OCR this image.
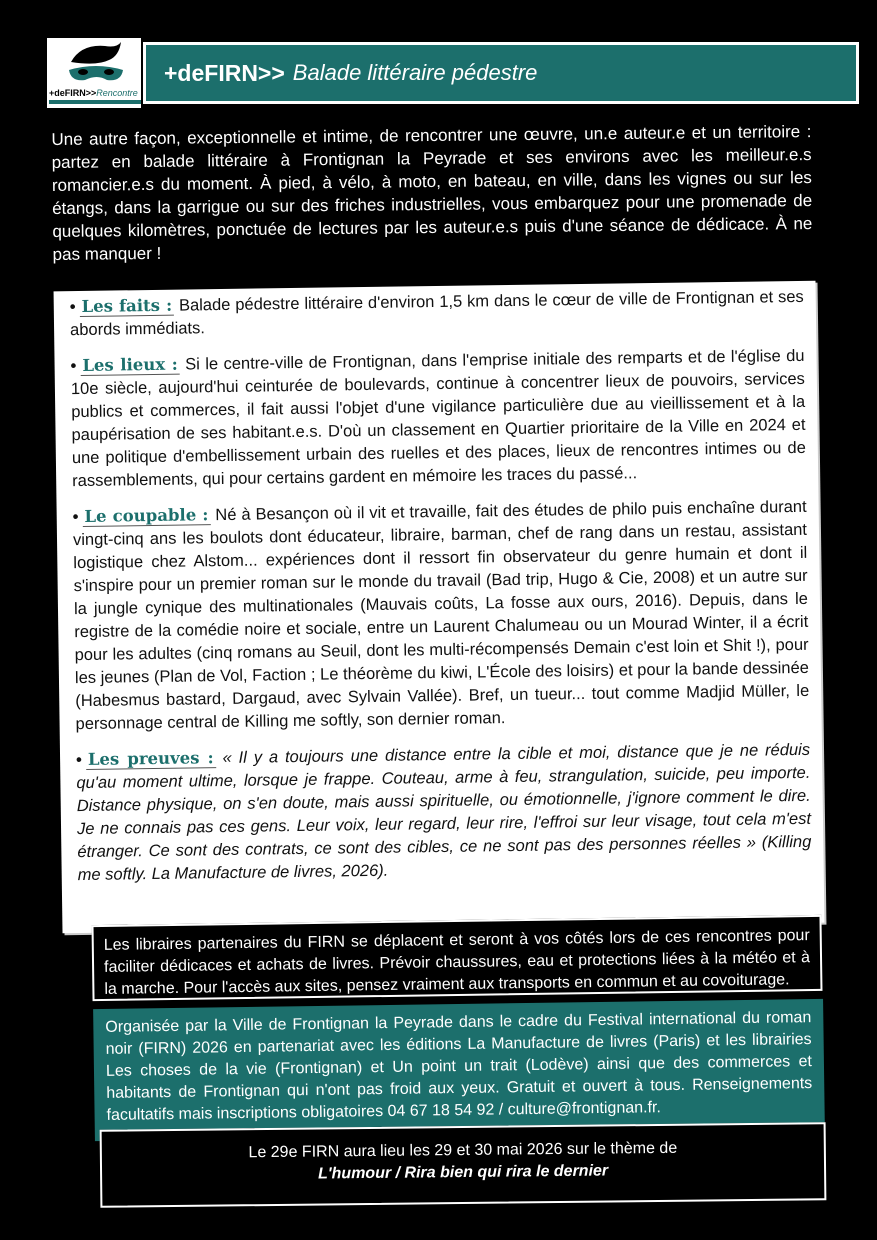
+deFIRN>>Rencontre
+deFIRN>> Balade littéraire pédestre
Une autre façon, exceptionnelle et intime, de rencontrer une œuvre, un.e auteur.e et un territoire : partez en balade littéraire à Frontignan la Peyrade et ses environs avec les meilleur.e.s romancier.e.s du moment. À pied, à vélo, à moto, en bateau, en ville, dans les vignes ou sur les étangs, dans la garrigue ou sur des friches industrielles, vous embarquez pour une promenade de quelques kilomètres, ponctuée de lectures par les auteur.e.s puis d'une séance de dédicace. À ne pas manquer !
• Les faits : Balade pédestre littéraire d'environ 1,5 km dans le cœur de ville de Frontignan et ses abords immédiats.
• Les lieux : Si le centre-ville de Frontignan, dans l'emprise initiale des remparts et de l'église du 10e siècle, aujourd'hui ceinturée de boulevards, continue à concentrer lieux de pouvoirs, services publics et commerces, il fait aussi l'objet d'une vigilance particulière due au vieillissement et à la paupérisation de ses habitant.e.s. D'où un classement en Quartier prioritaire de la Ville en 2024 et une politique d'embellissement urbain des ruelles et des places, lieux de rencontres intimes ou de rassemblements, qui pour certains gardent en mémoire les traces du passé...
• Le coupable : Né à Besançon où il vit et travaille, fait des études de philo puis enchaîne durant vingt-cinq ans les boulots dont éducateur, libraire, barman, chef de rang dans un restau, assistant logistique chez Alstom... expériences dont il ressort fin observateur du genre humain et dont il s'inspire pour un premier roman sur le monde du travail (Bad trip, Hugo & Cie, 2008) et un autre sur la jungle cynique des multinationales (Mauvais coûts, La fosse aux ours, 2016). Depuis, dans le registre de la comédie noire et sociale, entre un Laurent Chalumeau ou un Mourad Winter, il a écrit pour les adultes (cinq romans au Seuil, dont les multi-récompensés Demain c'est loin et Shit !), pour les jeunes (Plan de Vol, Faction ; Le théorème du kiwi, L'École des loisirs) et pour la bande dessinée (Habesmus bastard, Dargaud, avec Sylvain Vallée). Bref, un tueur... tout comme Madjid Müller, le personnage central de Killing me softly, son dernier roman.
• Les preuves : « Il y a toujours une distance entre la cible et moi, distance que je ne réduis qu'au moment ultime, lorsque je frappe. Couteau, arme à feu, strangulation, suicide, peu importe. Distance physique, on s'en doute, mais aussi spirituelle, ou émotionnelle, j'ignore comment le dire. Je ne connais pas ces gens. Leur voix, leur regard, leur rire, l'effroi sur leur visage, tout cela m'est étranger. Ce sont des contrats, ce sont des cibles, ce ne sont pas des personnes réelles » (Killing me softly. La Manufacture de livres, 2026).
Les libraires partenaires du FIRN se déplacent et seront à vos côtés lors de ces rencontres pour faciliter dédicaces et achats de livres. Prévoir chaussures, eau et protections liées à la météo et à la marche. Pour l'accès aux sites, pensez vraiment aux transports en commun et au covoiturage.
Organisée par la Ville de Frontignan la Peyrade dans le cadre du Festival international du roman noir (FIRN) 2026 en partenariat avec les éditions La Manufacture de livres (Paris) et les librairies Les choses de la vie (Frontignan) et Un point un trait (Lodève) ainsi que des commerces et habitants de Frontignan qui n'ont pas froid aux yeux. Gratuit et ouvert à tous. Renseignements facultatifs mais inscriptions obligatoires 04 67 18 54 92 / culture@frontignan.fr.
Le 29e FIRN aura lieu les 29 et 30 mai 2026 sur le thème de
L'humour / Rira bien qui rira le dernier
